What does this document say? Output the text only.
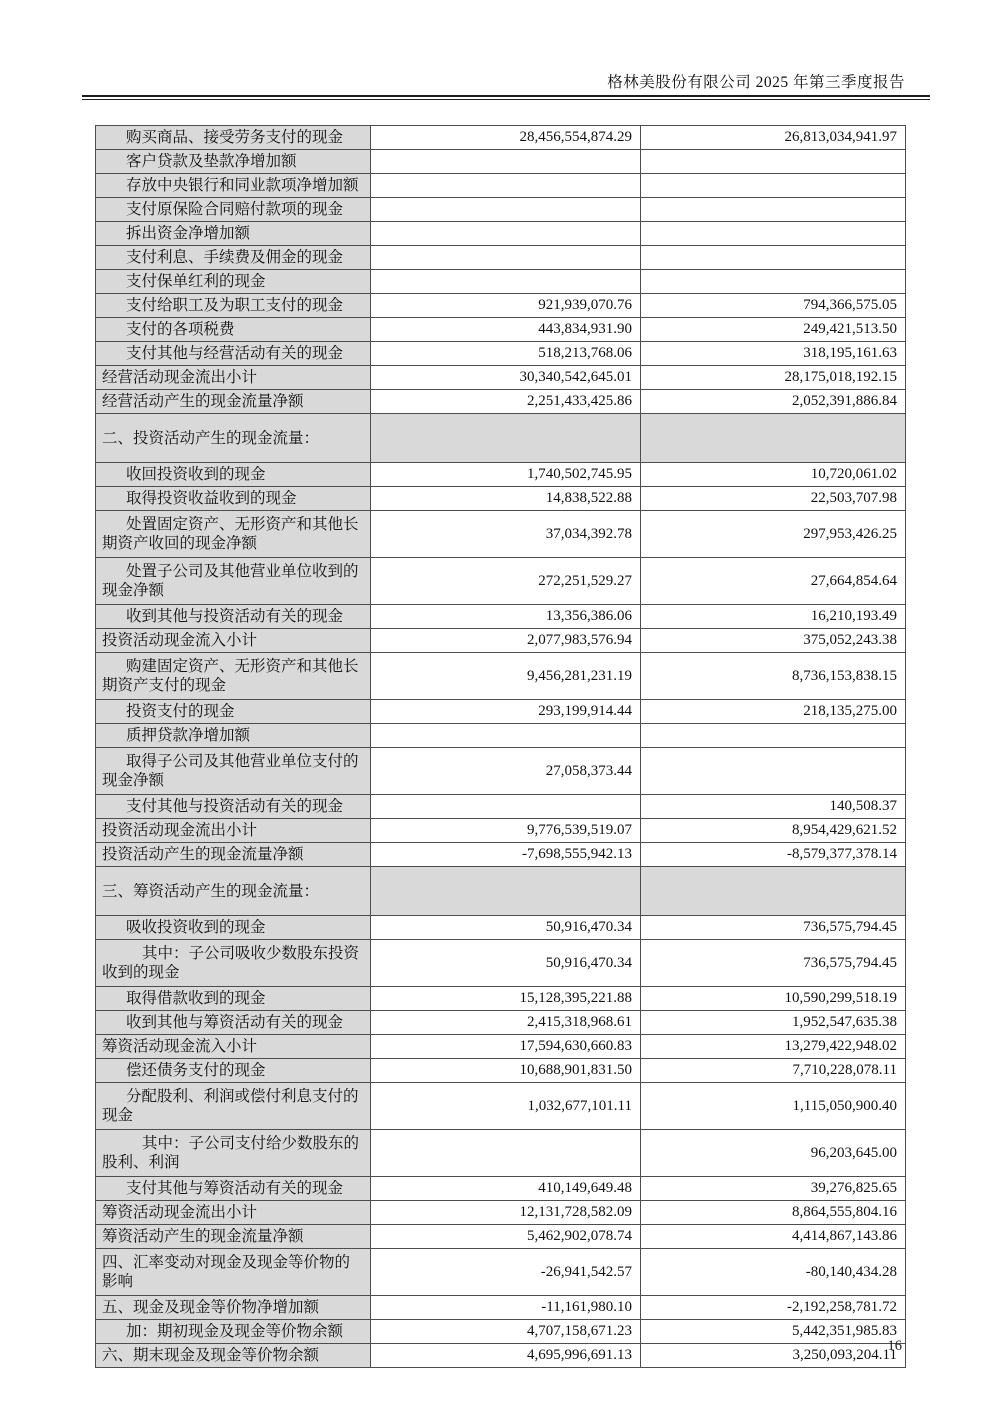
格林美股份有限公司 2025 年第三季度报告
购买商品、接受劳务支付的现金	28,456,554,874.29	26,813,034,941.97
客户贷款及垫款净增加额		
存放中央银行和同业款项净增加额		
支付原保险合同赔付款项的现金		
拆出资金净增加额		
支付利息、手续费及佣金的现金		
支付保单红利的现金		
支付给职工及为职工支付的现金	921,939,070.76	794,366,575.05
支付的各项税费	443,834,931.90	249,421,513.50
支付其他与经营活动有关的现金	518,213,768.06	318,195,161.63
经营活动现金流出小计	30,340,542,645.01	28,175,018,192.15
经营活动产生的现金流量净额	2,251,433,425.86	2,052,391,886.84
二、投资活动产生的现金流量：		
收回投资收到的现金	1,740,502,745.95	10,720,061.02
取得投资收益收到的现金	14,838,522.88	22,503,707.98
处置固定资产、无形资产和其他长期资产收回的现金净额	37,034,392.78	297,953,426.25
处置子公司及其他营业单位收到的现金净额	272,251,529.27	27,664,854.64
收到其他与投资活动有关的现金	13,356,386.06	16,210,193.49
投资活动现金流入小计	2,077,983,576.94	375,052,243.38
购建固定资产、无形资产和其他长期资产支付的现金	9,456,281,231.19	8,736,153,838.15
投资支付的现金	293,199,914.44	218,135,275.00
质押贷款净增加额		
取得子公司及其他营业单位支付的现金净额	27,058,373.44	
支付其他与投资活动有关的现金		140,508.37
投资活动现金流出小计	9,776,539,519.07	8,954,429,621.52
投资活动产生的现金流量净额	-7,698,555,942.13	-8,579,377,378.14
三、筹资活动产生的现金流量：		
吸收投资收到的现金	50,916,470.34	736,575,794.45
其中：子公司吸收少数股东投资收到的现金	50,916,470.34	736,575,794.45
取得借款收到的现金	15,128,395,221.88	10,590,299,518.19
收到其他与筹资活动有关的现金	2,415,318,968.61	1,952,547,635.38
筹资活动现金流入小计	17,594,630,660.83	13,279,422,948.02
偿还债务支付的现金	10,688,901,831.50	7,710,228,078.11
分配股利、利润或偿付利息支付的现金	1,032,677,101.11	1,115,050,900.40
其中：子公司支付给少数股东的股利、利润		96,203,645.00
支付其他与筹资活动有关的现金	410,149,649.48	39,276,825.65
筹资活动现金流出小计	12,131,728,582.09	8,864,555,804.16
筹资活动产生的现金流量净额	5,462,902,078.74	4,414,867,143.86
四、汇率变动对现金及现金等价物的影响	-26,941,542.57	-80,140,434.28
五、现金及现金等价物净增加额	-11,161,980.10	-2,192,258,781.72
加：期初现金及现金等价物余额	4,707,158,671.23	5,442,351,985.83
六、期末现金及现金等价物余额	4,695,996,691.13	3,250,093,204.11
16
